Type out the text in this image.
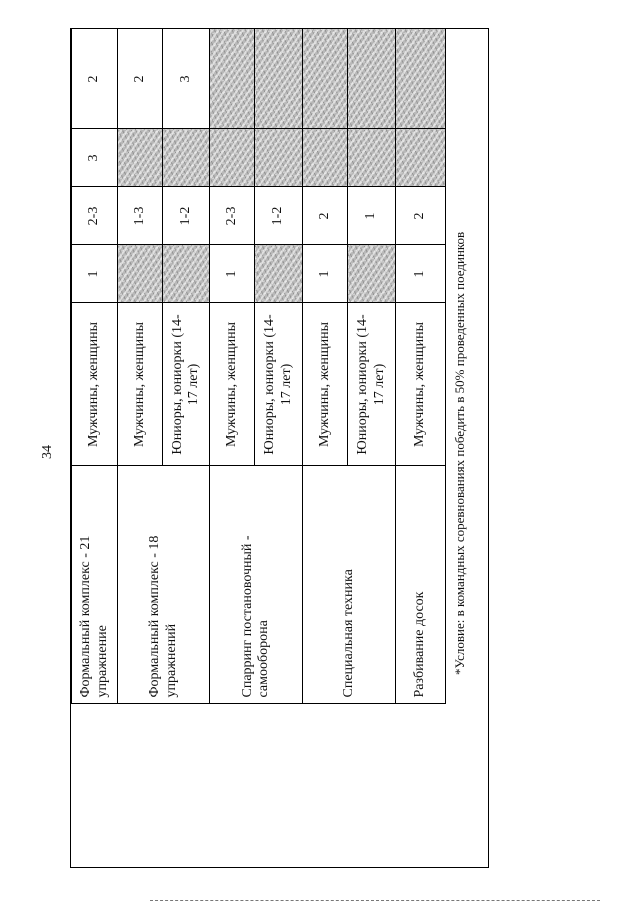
34
	Формальный комплекс - 21 упражнение	Мужчины, женщины	1	2-3	3	2
	Формальный комплекс - 18 упражнений	Мужчины, женщины		1-3		2
		Юниоры, юниорки (14-17 лет)		1-2		3
	Спарринг постановочный - самооборона	Мужчины, женщины	1	2-3		
		Юниоры, юниорки (14-17 лет)		1-2		
	Специальная техника	Мужчины, женщины	1	2		
		Юниоры, юниорки (14-17 лет)		1		
	Разбивание досок	Мужчины, женщины	1	2		
*Условие: в командных соревнованиях победить в 50% проведенных поединков
